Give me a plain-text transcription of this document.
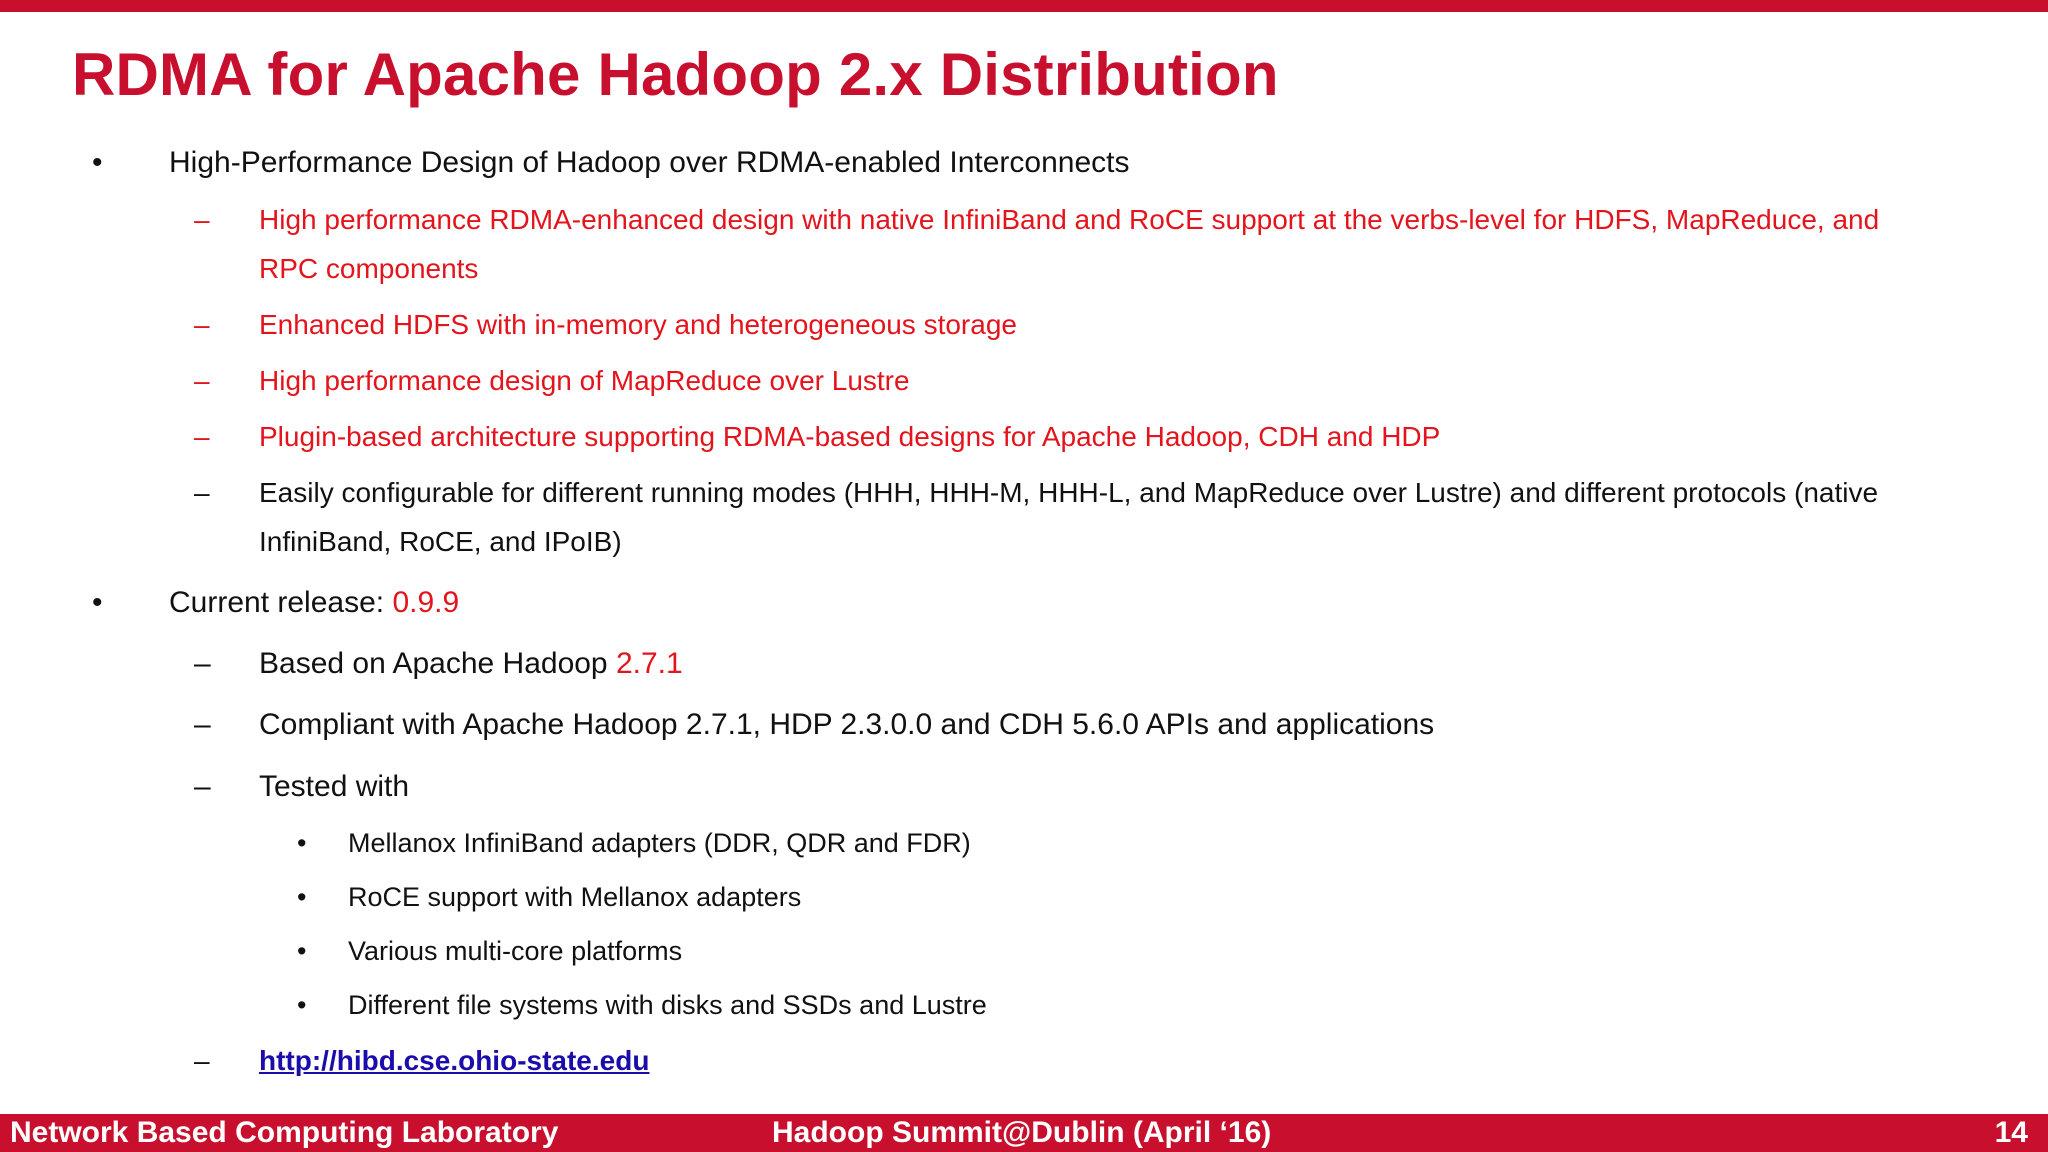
RDMA for Apache Hadoop 2.x Distribution
• High-Performance Design of Hadoop over RDMA-enabled Interconnects
– High performance RDMA-enhanced design with native InfiniBand and RoCE support at the verbs-level for HDFS, MapReduce, and
RPC components
– Enhanced HDFS with in-memory and heterogeneous storage
– High performance design of MapReduce over Lustre
– Plugin-based architecture supporting RDMA-based designs for Apache Hadoop, CDH and HDP
– Easily configurable for different running modes (HHH, HHH-M, HHH-L, and MapReduce over Lustre) and different protocols (native
InfiniBand, RoCE, and IPoIB)
• Current release: 0.9.9
– Based on Apache Hadoop 2.7.1
– Compliant with Apache Hadoop 2.7.1, HDP 2.3.0.0 and CDH 5.6.0 APIs and applications
– Tested with
• Mellanox InfiniBand adapters (DDR, QDR and FDR)
• RoCE support with Mellanox adapters
• Various multi-core platforms
• Different file systems with disks and SSDs and Lustre
– http://hibd.cse.ohio-state.edu
Network Based Computing Laboratory	Hadoop Summit@Dublin (April ‘16)	14
